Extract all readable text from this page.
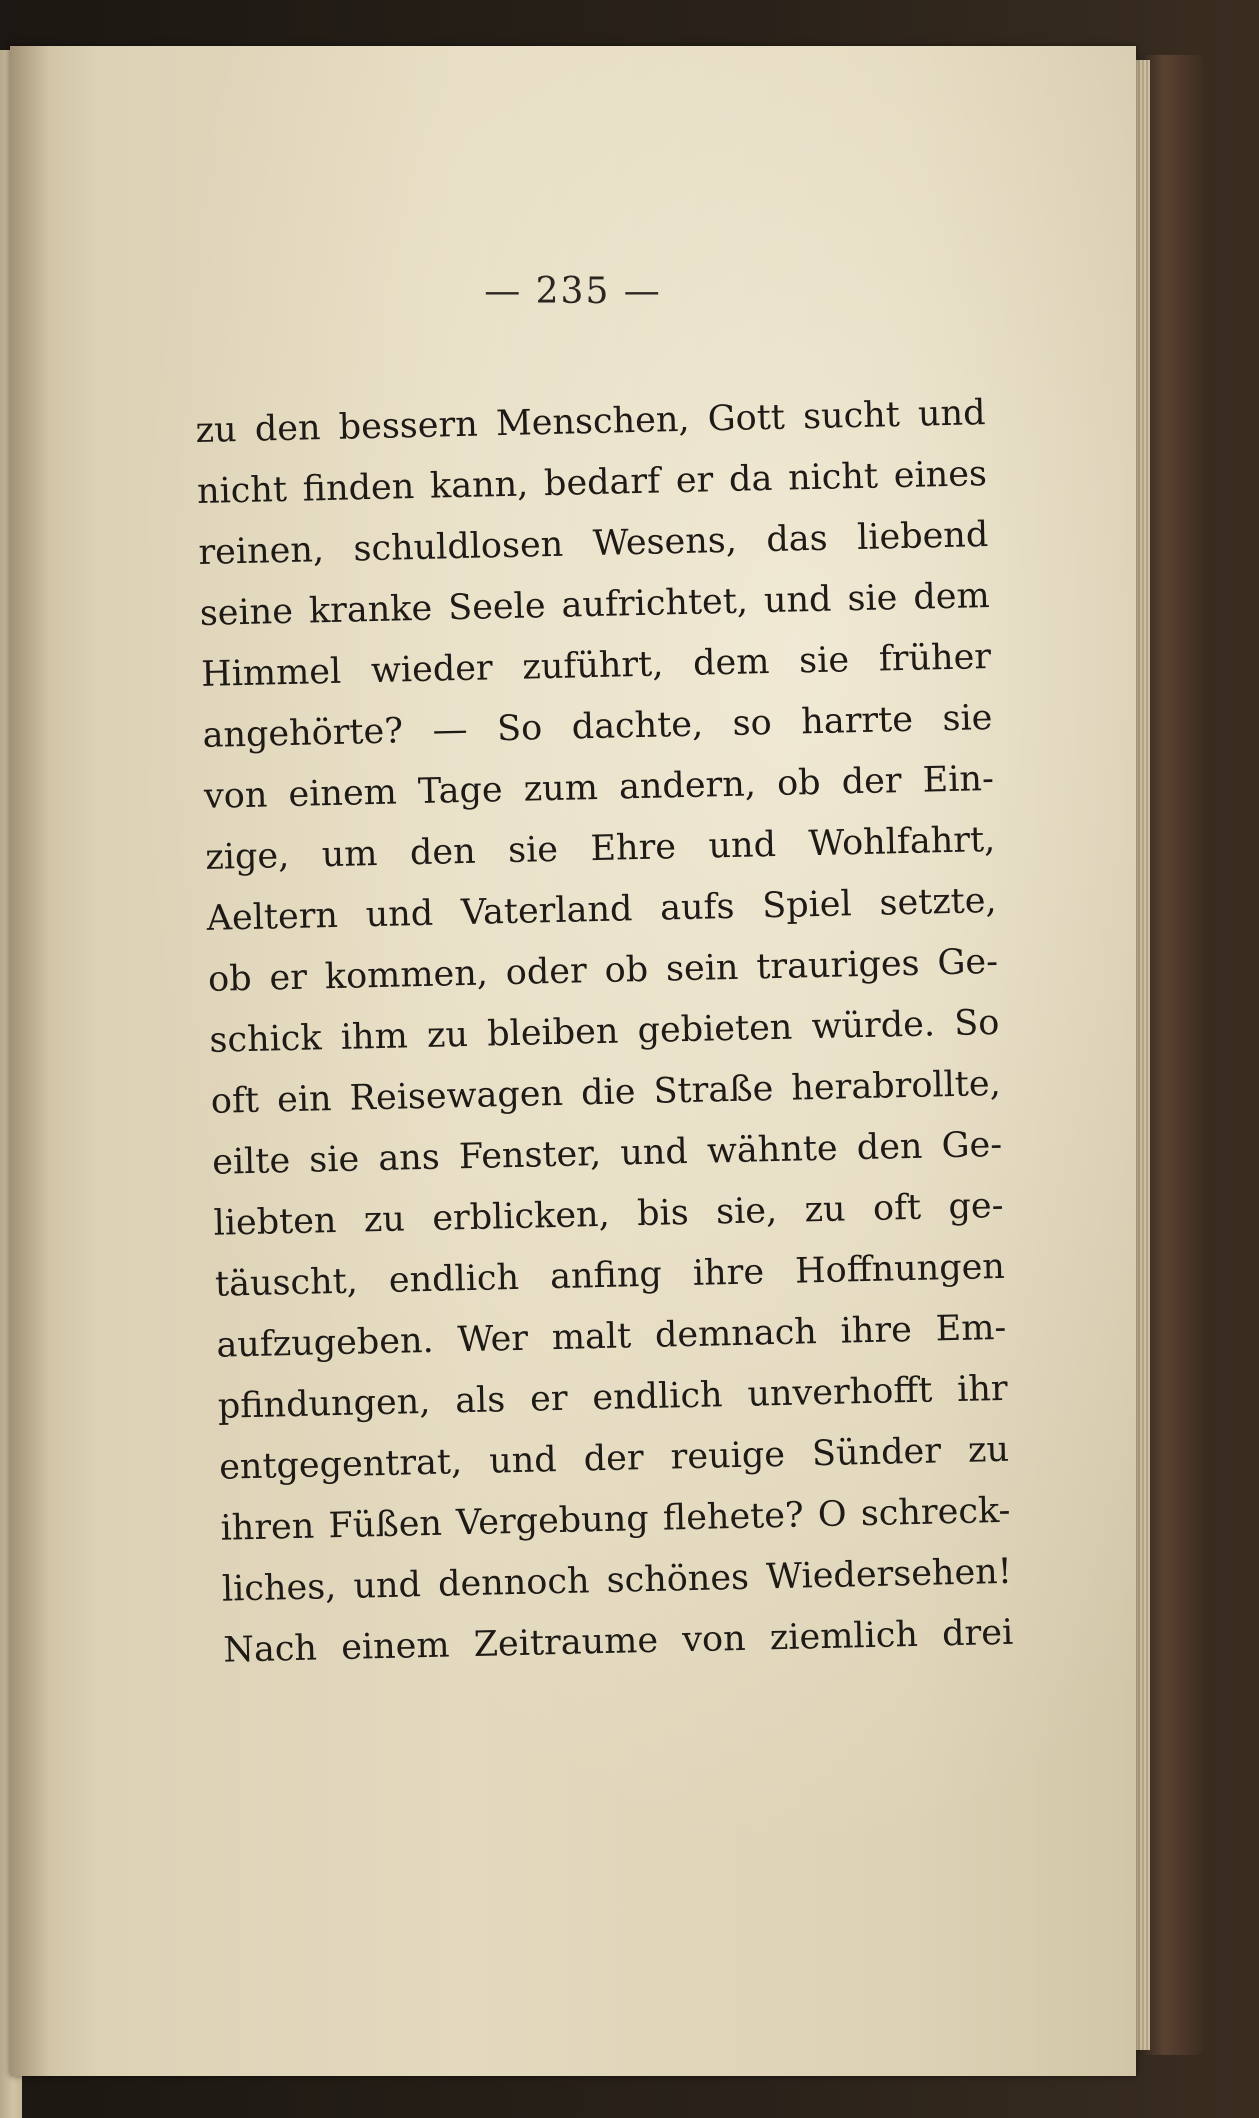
— 235 —
zu den bessern Menschen, Gott sucht und
nicht finden kann, bedarf er da nicht eines
reinen, schuldlosen Wesens, das liebend
seine kranke Seele aufrichtet, und sie dem
Himmel wieder zuführt, dem sie früher
angehörte? — So dachte, so harrte sie
von einem Tage zum andern, ob der Ein-
zige, um den sie Ehre und Wohlfahrt,
Aeltern und Vaterland aufs Spiel setzte,
ob er kommen, oder ob sein trauriges Ge-
schick ihm zu bleiben gebieten würde. So
oft ein Reisewagen die Straße herabrollte,
eilte sie ans Fenster, und wähnte den Ge-
liebten zu erblicken, bis sie, zu oft ge-
täuscht, endlich anfing ihre Hoffnungen
aufzugeben. Wer malt demnach ihre Em-
pfindungen, als er endlich unverhofft ihr
entgegentrat, und der reuige Sünder zu
ihren Füßen Vergebung flehete? O schreck-
liches, und dennoch schönes Wiedersehen!
Nach einem Zeitraume von ziemlich drei
